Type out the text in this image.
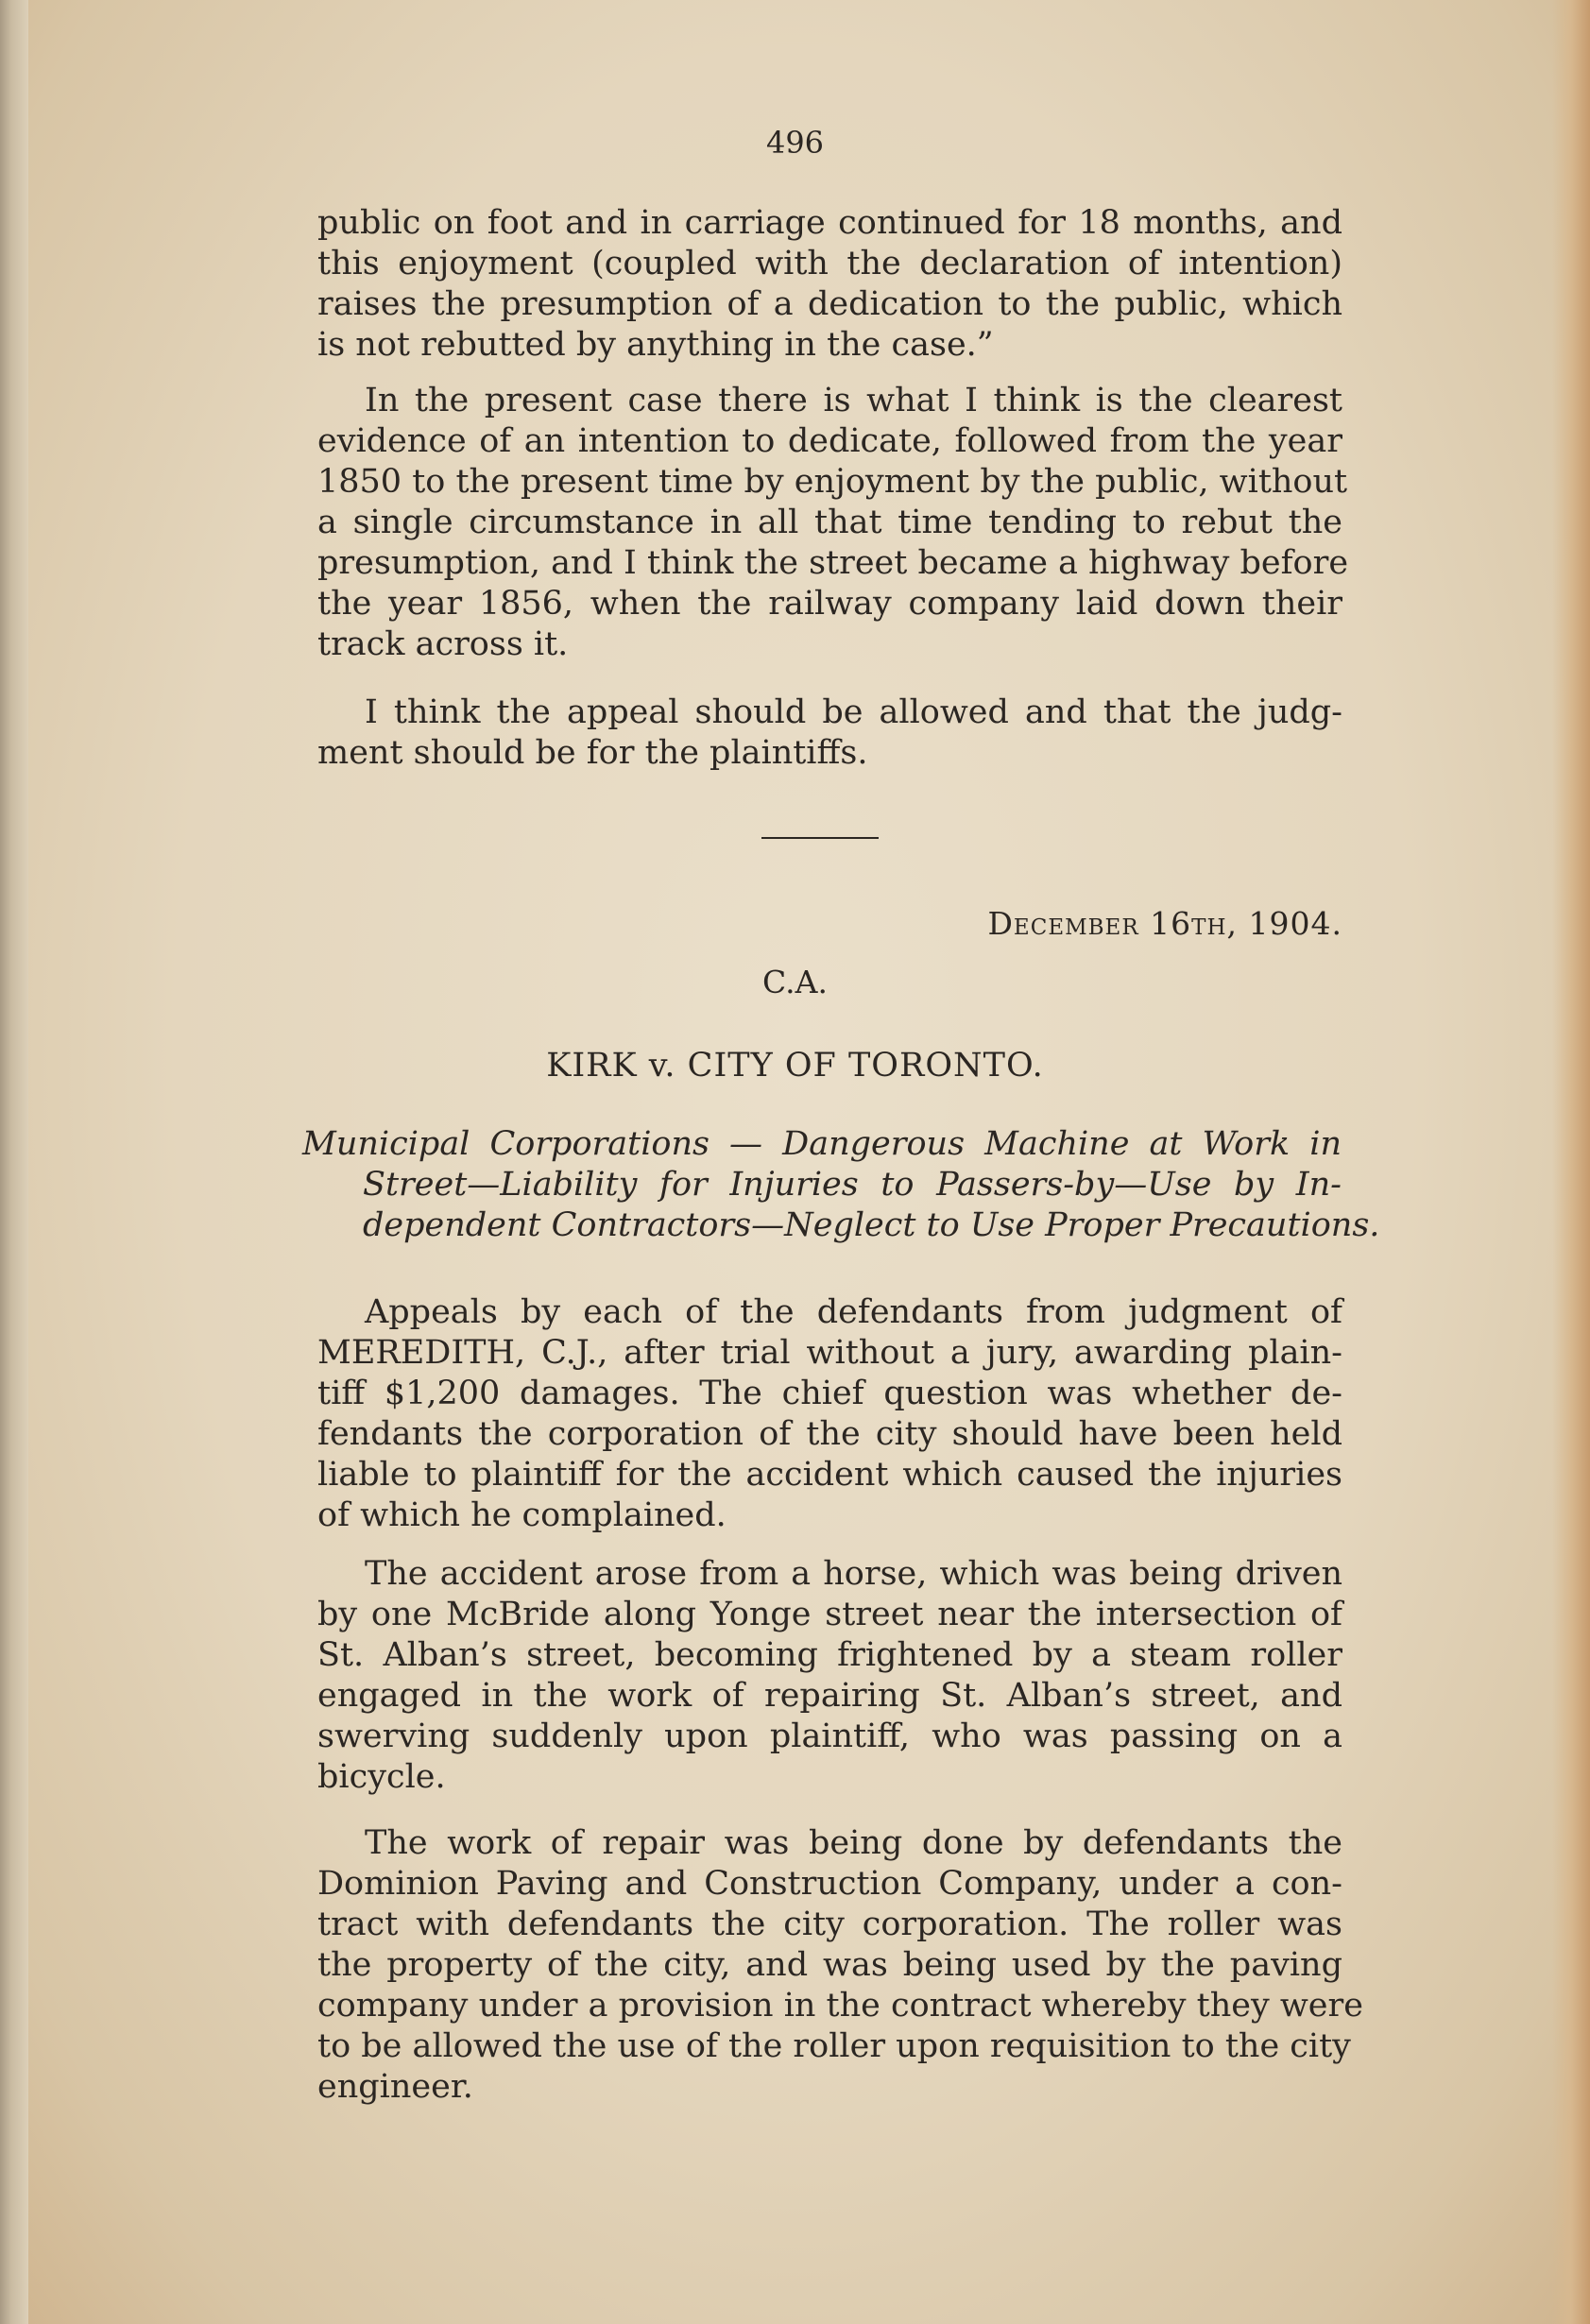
496

public on foot and in carriage continued for 18 months, and
this enjoyment (coupled with the declaration of intention)
raises the presumption of a dedication to the public, which
is not rebutted by anything in the case.”

In the present case there is what I think is the clearest
evidence of an intention to dedicate, followed from the year
1850 to the present time by enjoyment by the public, without
a single circumstance in all that time tending to rebut the
presumption, and I think the street became a highway before
the year 1856, when the railway company laid down their
track across it.

I think the appeal should be allowed and that the judg-
ment should be for the plaintiffs.

December 16th, 1904.
C.A.
KIRK v. CITY OF TORONTO.

Municipal Corporations — Dangerous Machine at Work in
Street—Liability for Injuries to Passers-by—Use by In-
dependent Contractors—Neglect to Use Proper Precautions.

Appeals by each of the defendants from judgment of
MEREDITH, C.J., after trial without a jury, awarding plain-
tiff $1,200 damages. The chief question was whether de-
fendants the corporation of the city should have been held
liable to plaintiff for the accident which caused the injuries
of which he complained.

The accident arose from a horse, which was being driven
by one McBride along Yonge street near the intersection of
St. Alban’s street, becoming frightened by a steam roller
engaged in the work of repairing St. Alban’s street, and
swerving suddenly upon plaintiff, who was passing on a
bicycle.

The work of repair was being done by defendants the
Dominion Paving and Construction Company, under a con-
tract with defendants the city corporation. The roller was
the property of the city, and was being used by the paving
company under a provision in the contract whereby they were
to be allowed the use of the roller upon requisition to the city
engineer.
